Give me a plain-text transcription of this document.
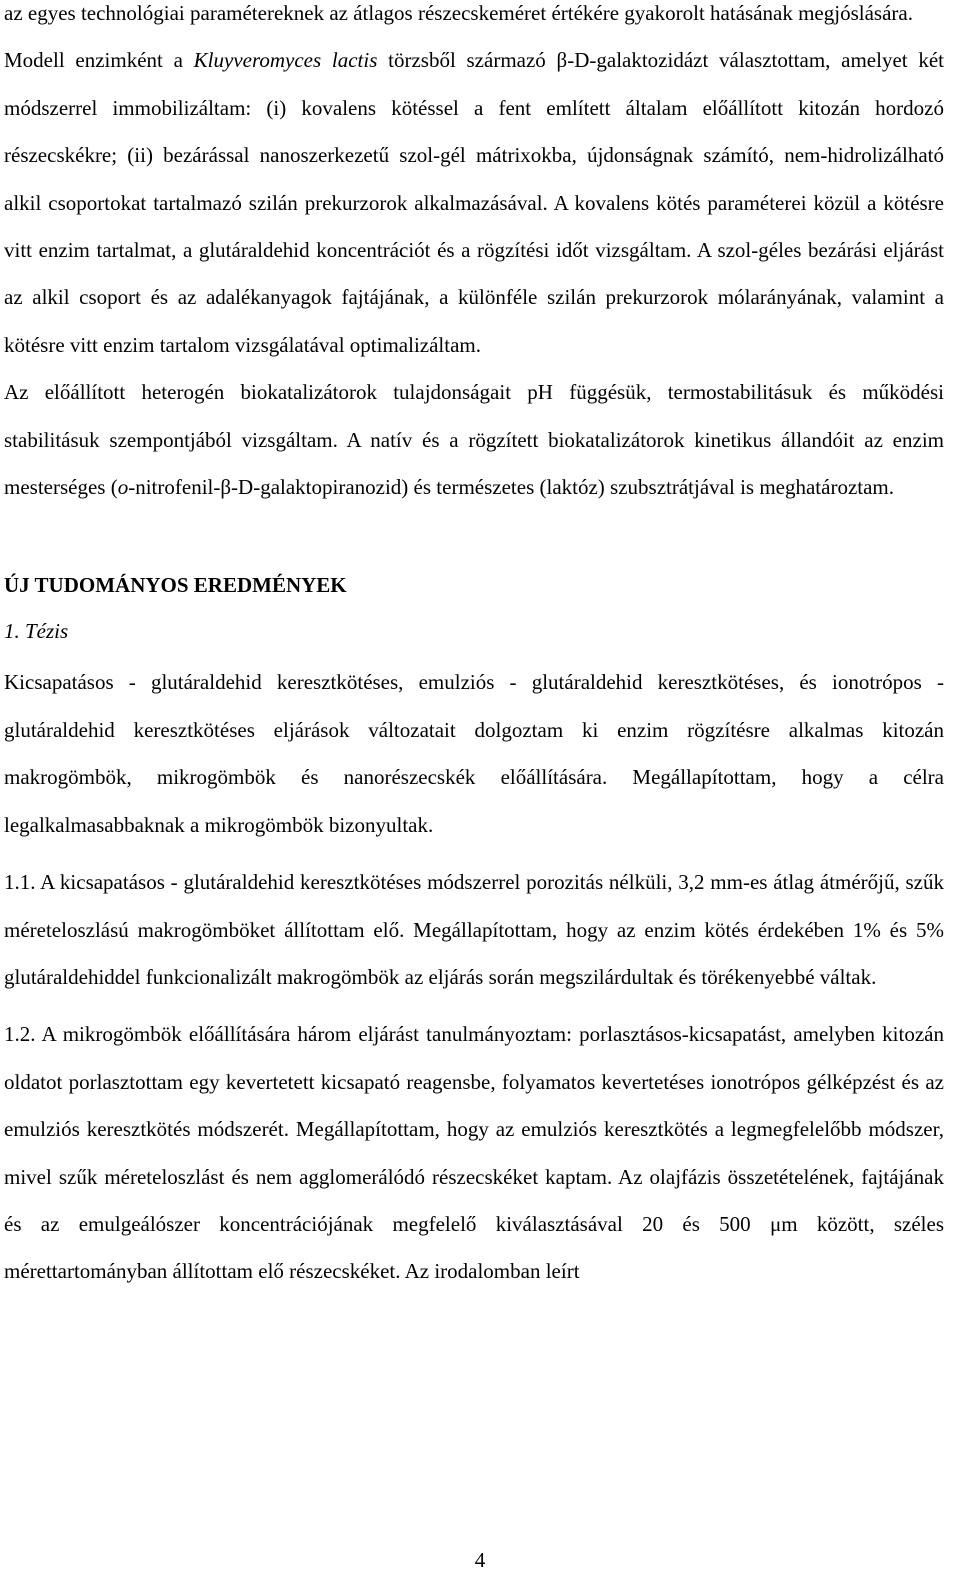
az egyes technológiai paramétereknek az átlagos részecskeméret értékére gyakorolt hatásának megjóslására.
Modell enzimként a Kluyveromyces lactis törzsből származó β-D-galaktozidázt választottam, amelyet két módszerrel immobilizáltam: (i) kovalens kötéssel a fent említett általam előállított kitozán hordozó részecskékre; (ii) bezárással nanoszerkezetű szol-gél mátrixokba, újdonságnak számító, nem-hidrolizálható alkil csoportokat tartalmazó szilán prekurzorok alkalmazásával. A kovalens kötés paraméterei közül a kötésre vitt enzim tartalmat, a glutáraldehid koncentrációt és a rögzítési időt vizsgáltam. A szol-géles bezárási eljárást az alkil csoport és az adalékanyagok fajtájának, a különféle szilán prekurzorok mólarányának, valamint a kötésre vitt enzim tartalom vizsgálatával optimalizáltam.
Az előállított heterogén biokatalizátorok tulajdonságait pH függésük, termostabilitásuk és működési stabilitásuk szempontjából vizsgáltam. A natív és a rögzített biokatalizátorok kinetikus állandóit az enzim mesterséges (o-nitrofenil-β-D-galaktopiranozid) és természetes (laktóz) szubsztrátjával is meghatároztam.

ÚJ TUDOMÁNYOS EREDMÉNYEK
1. Tézis

Kicsapatásos - glutáraldehid keresztkötéses, emulziós - glutáraldehid keresztkötéses, és ionotrópos - glutáraldehid keresztkötéses eljárások változatait dolgoztam ki enzim rögzítésre alkalmas kitozán makrogömbök, mikrogömbök és nanorészecskék előállítására. Megállapítottam, hogy a célra legalkalmasabbaknak a mikrogömbök bizonyultak.

1.1. A kicsapatásos - glutáraldehid keresztkötéses módszerrel porozitás nélküli, 3,2 mm-es átlag átmérőjű, szűk méreteloszlású makrogömböket állítottam elő. Megállapítottam, hogy az enzim kötés érdekében 1% és 5% glutáraldehiddel funkcionalizált makrogömbök az eljárás során megszilárdultak és törékenyebbé váltak.

1.2. A mikrogömbök előállítására három eljárást tanulmányoztam: porlasztásos-kicsapatást, amelyben kitozán oldatot porlasztottam egy kevertetett kicsapató reagensbe, folyamatos kevertetéses ionotrópos gélképzést és az emulziós keresztkötés módszerét. Megállapítottam, hogy az emulziós keresztkötés a legmegfelelőbb módszer, mivel szűk méreteloszlást és nem agglomerálódó részecskéket kaptam. Az olajfázis összetételének, fajtájának és az emulgeálószer koncentrációjának megfelelő kiválasztásával 20 és 500 μm között, széles mérettartományban állítottam elő részecskéket. Az irodalomban leírt

4
